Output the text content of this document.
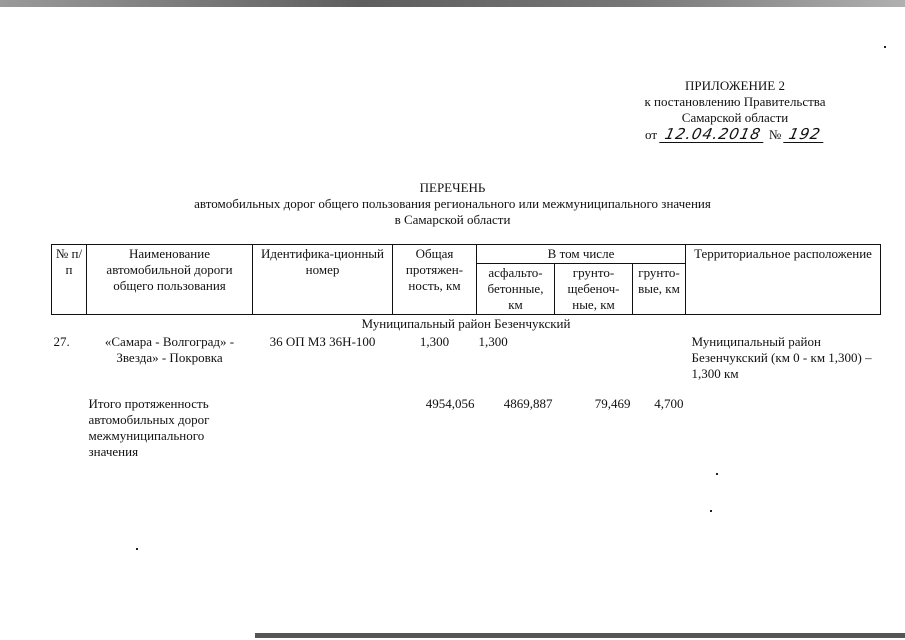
ПРИЛОЖЕНИЕ 2
к постановлению Правительства
Самарской области
от 12.04.2018 № 192
ПЕРЕЧЕНЬ
автомобильных дорог общего пользования регионального или межмуниципального значения
в Самарской области
№ п/п	Наименование автомобильной дороги общего пользования	Идентифика-ционный номер	Общая протяжен-ность, км	В том числе			Территориальное расположение
				асфальто-бетонные, км	грунто-щебеноч-ные, км	грунто-вые, км	
Муниципальный район Безенчукский							
27.	«Самара - Волгоград» - Звезда» - Покровка	36 ОП МЗ 36Н-100	1,300	1,300			Муниципальный район Безенчукский (км 0 - км 1,300) – 1,300 км

	Итого протяженность автомобильных дорог межмуниципального значения		4954,056	4869,887	79,469	4,700	
